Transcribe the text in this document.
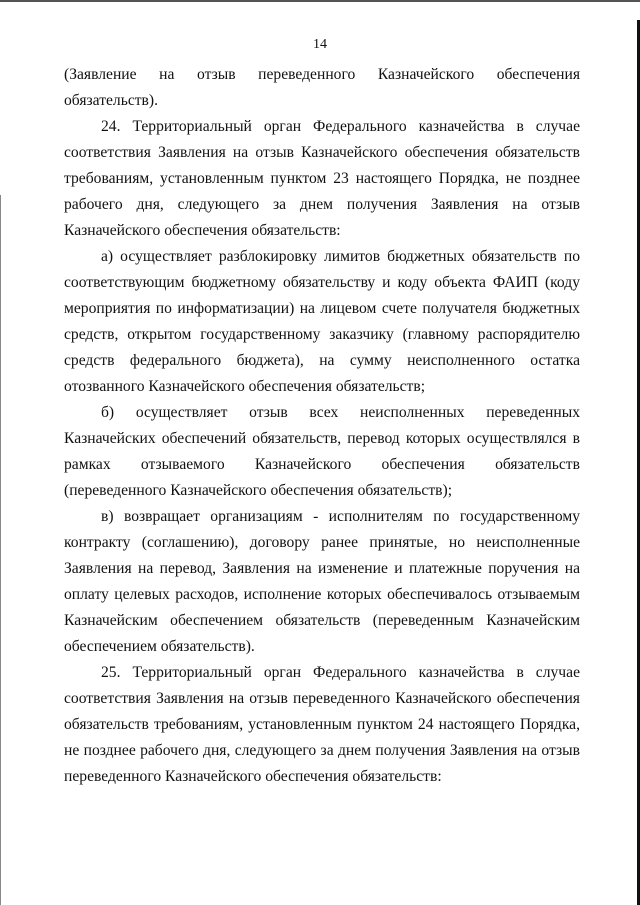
14

(Заявление на отзыв переведенного Казначейского обеспечения обязательств).

24. Территориальный орган Федерального казначейства в случае соответствия Заявления на отзыв Казначейского обеспечения обязательств требованиям, установленным пунктом 23 настоящего Порядка, не позднее рабочего дня, следующего за днем получения Заявления на отзыв Казначейского обеспечения обязательств:

а) осуществляет разблокировку лимитов бюджетных обязательств по соответствующим бюджетному обязательству и коду объекта ФАИП (коду мероприятия по информатизации) на лицевом счете получателя бюджетных средств, открытом государственному заказчику (главному распорядителю средств федерального бюджета), на сумму неисполненного остатка отозванного Казначейского обеспечения обязательств;

б) осуществляет отзыв всех неисполненных переведенных Казначейских обеспечений обязательств, перевод которых осуществлялся в рамках отзываемого Казначейского обеспечения обязательств (переведенного Казначейского обеспечения обязательств);

в) возвращает организациям - исполнителям по государственному контракту (соглашению), договору ранее принятые, но неисполненные Заявления на перевод, Заявления на изменение и платежные поручения на оплату целевых расходов, исполнение которых обеспечивалось отзываемым Казначейским обеспечением обязательств (переведенным Казначейским обеспечением обязательств).

25. Территориальный орган Федерального казначейства в случае соответствия Заявления на отзыв переведенного Казначейского обеспечения обязательств требованиям, установленным пунктом 24 настоящего Порядка, не позднее рабочего дня, следующего за днем получения Заявления на отзыв переведенного Казначейского обеспечения обязательств:
